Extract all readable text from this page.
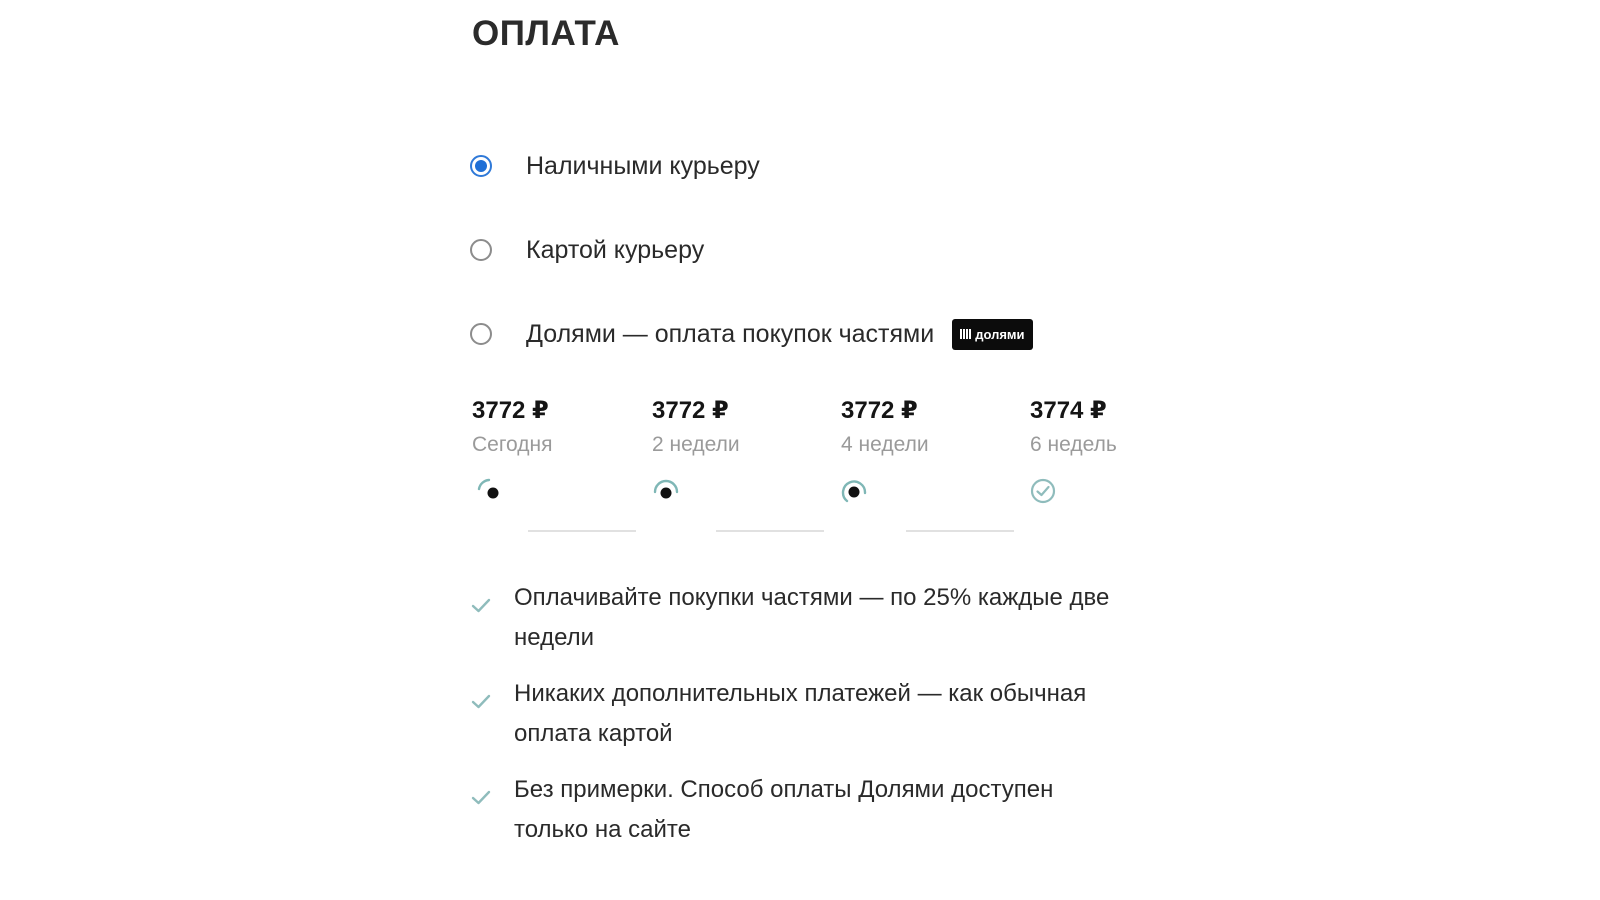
ОПЛАТА
Наличными курьеру
Картой курьеру
Долями — оплата покупок частями	долями
3772 ₽
Сегодня
3772 ₽
2 недели
3772 ₽
4 недели
3774 ₽
6 недель
Оплачивайте покупки частями — по 25% каждые две недели
Никаких дополнительных платежей — как обычная оплата картой
Без примерки. Способ оплаты Долями доступен только на сайте
